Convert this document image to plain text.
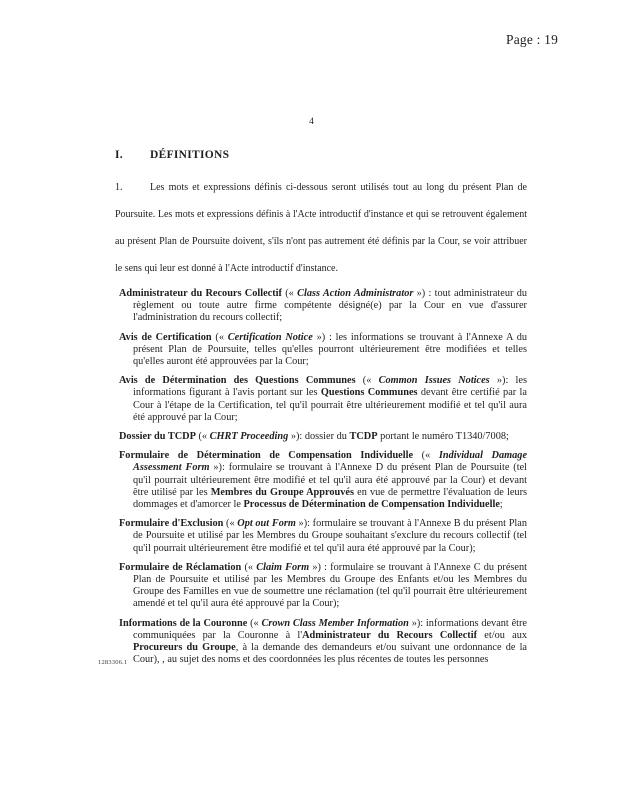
Page : 19
4
I. DÉFINITIONS

1.	Les mots et expressions définis ci-dessous seront utilisés tout au long du présent Plan de Poursuite. Les mots et expressions définis à l'Acte introductif d'instance et qui se retrouvent également au présent Plan de Poursuite doivent, s'ils n'ont pas autrement été définis par la Cour, se voir attribuer le sens qui leur est donné à l'Acte introductif d'instance.

Administrateur du Recours Collectif (« Class Action Administrator ») : tout administrateur du règlement ou toute autre firme compétente désigné(e) par la Cour en vue d'assurer l'administration du recours collectif;

Avis de Certification (« Certification Notice ») : les informations se trouvant à l'Annexe A du présent Plan de Poursuite, telles qu'elles pourront ultérieurement être modifiées et telles qu'elles auront été approuvées par la Cour;

Avis de Détermination des Questions Communes (« Common Issues Notices »): les informations figurant à l'avis portant sur les Questions Communes devant être certifié par la Cour à l'étape de la Certification, tel qu'il pourrait être ultérieurement modifié et tel qu'il aura été approuvé par la Cour;

Dossier du TCDP (« CHRT Proceeding »): dossier du TCDP portant le numéro T1340/7008;

Formulaire de Détermination de Compensation Individuelle (« Individual Damage Assessment Form »): formulaire se trouvant à l'Annexe D du présent Plan de Poursuite (tel qu'il pourrait ultérieurement être modifié et tel qu'il aura été approuvé par la Cour) et devant être utilisé par les Membres du Groupe Approuvés en vue de permettre l'évaluation de leurs dommages et d'amorcer le Processus de Détermination de Compensation Individuelle;

Formulaire d'Exclusion (« Opt out Form »): formulaire se trouvant à l'Annexe B du présent Plan de Poursuite et utilisé par les Membres du Groupe souhaitant s'exclure du recours collectif (tel qu'il pourrait ultérieurement être modifié et tel qu'il aura été approuvé par la Cour);

Formulaire de Réclamation (« Claim Form ») : formulaire se trouvant à l'Annexe C du présent Plan de Poursuite et utilisé par les Membres du Groupe des Enfants et/ou les Membres du Groupe des Familles en vue de soumettre une réclamation (tel qu'il pourrait être ultérieurement amendé et tel qu'il aura été approuvé par la Cour);

Informations de la Couronne (« Crown Class Member Information »): informations devant être communiquées par la Couronne à l'Administrateur du Recours Collectif et/ou aux Procureurs du Groupe, à la demande des demandeurs et/ou suivant une ordonnance de la Cour), , au sujet des noms et des coordonnées les plus récentes de toutes les personnes

1283306.1
